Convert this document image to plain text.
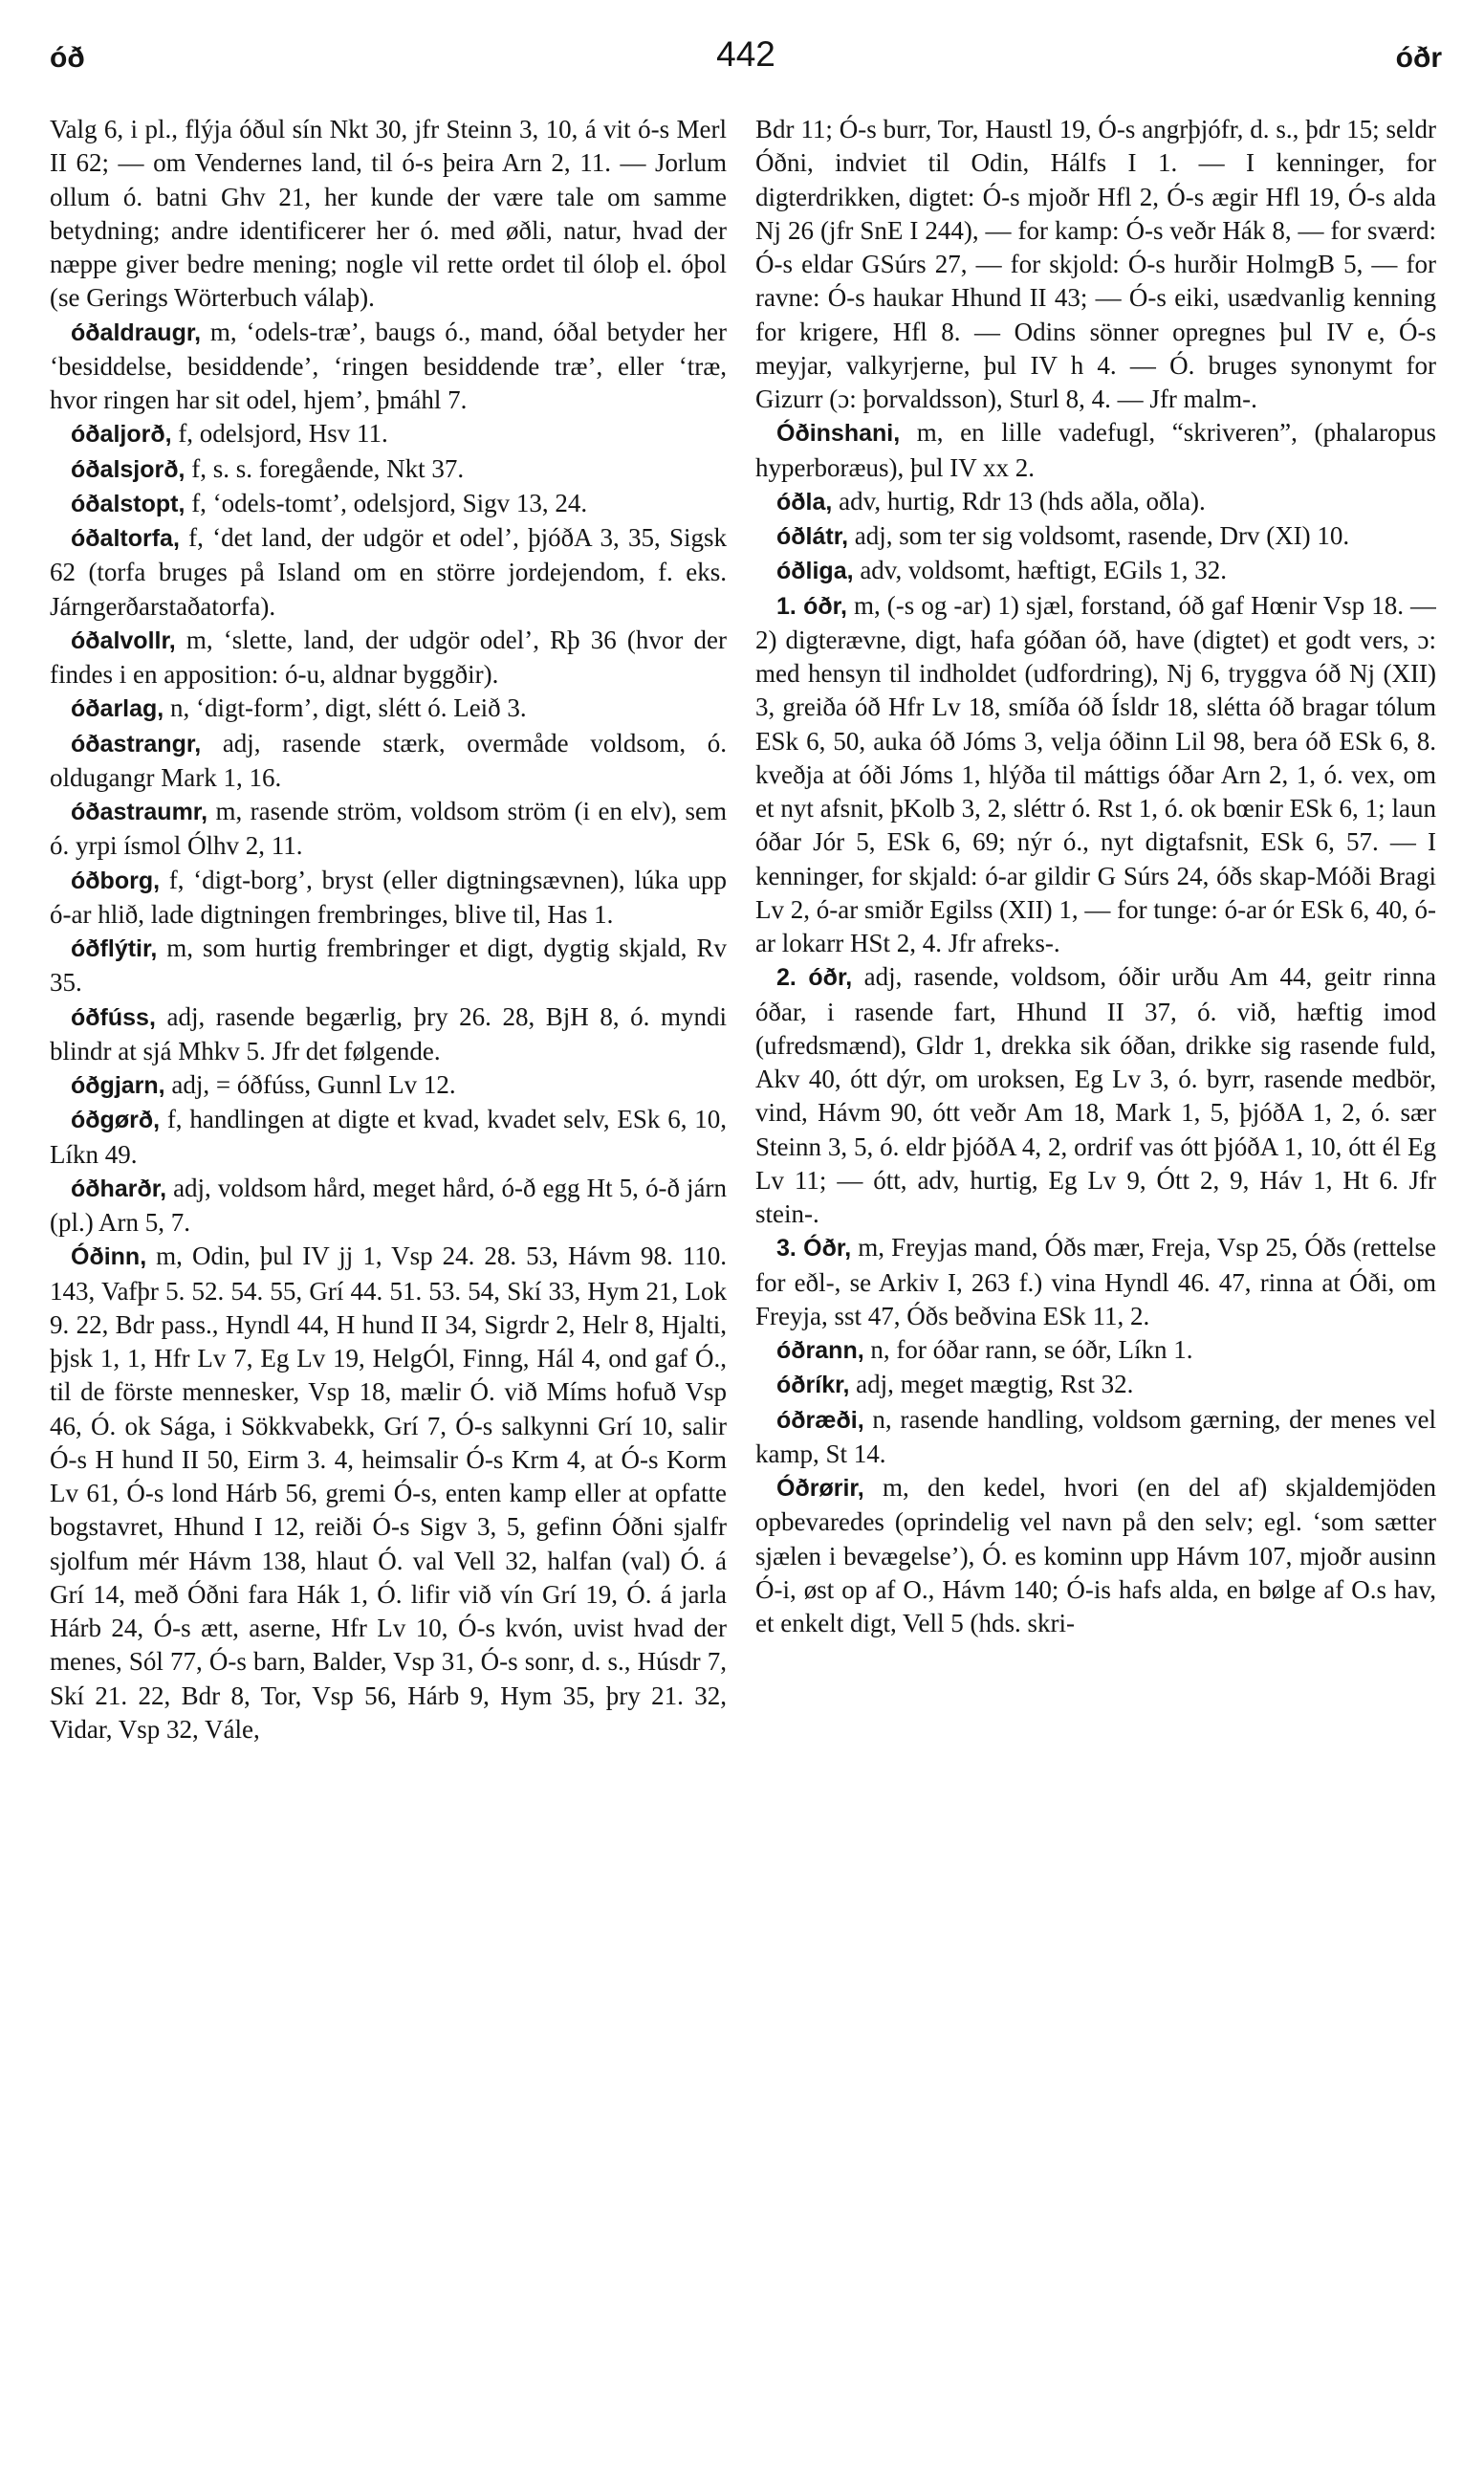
óð	442	óðr

Valg 6, i pl., flýja óðul sín Nkt 30, jfr Steinn 3, 10, á vit ó-s Merl II 62; — om Vendernes land, til ó-s þeira Arn 2, 11. — Jorlum ollum ó. batni Ghv 21, her kunde der være tale om samme betydning; andre identificerer her ó. med øðli, natur, hvad der næppe giver bedre mening; nogle vil rette ordet til óloþ el. óþol (se Gerings Wörterbuch válaþ).

óðaldraugr, m, ‘odels-træ’, baugs ó., mand, óðal betyder her ‘besiddelse, besiddende’, ‘ringen besiddende træ’, eller ‘træ, hvor ringen har sit odel, hjem’, þmáhl 7.

óðaljorð, f, odelsjord, Hsv 11.

óðalsjorð, f, s. s. foregående, Nkt 37.

óðalstopt, f, ‘odels-tomt’, odelsjord, Sigv 13, 24.

óðaltorfa, f, ‘det land, der udgör et odel’, þjóðA 3, 35, Sigsk 62 (torfa bruges på Island om en större jordejendom, f. eks. Járngerðarstaðatorfa).

óðalvollr, m, ‘slette, land, der udgör odel’, Rþ 36 (hvor der findes i en apposition: ó-u, aldnar byggðir).

óðarlag, n, ‘digt-form’, digt, slétt ó. Leið 3.

óðastrangr, adj, rasende stærk, overmåde voldsom, ó. oldugangr Mark 1, 16.

óðastraumr, m, rasende ström, voldsom ström (i en elv), sem ó. yrpi ísmol Ólhv 2, 11.

óðborg, f, ‘digt-borg’, bryst (eller digtningsævnen), lúka upp ó-ar hlið, lade digtningen frembringes, blive til, Has 1.

óðflýtir, m, som hurtig frembringer et digt, dygtig skjald, Rv 35.

óðfúss, adj, rasende begærlig, þry 26. 28, BjH 8, ó. myndi blindr at sjá Mhkv 5. Jfr det følgende.

óðgjarn, adj, = óðfúss, Gunnl Lv 12.

óðgørð, f, handlingen at digte et kvad, kvadet selv, ESk 6, 10, Líkn 49.

óðharðr, adj, voldsom hård, meget hård, ó-ð egg Ht 5, ó-ð járn (pl.) Arn 5, 7.

Óðinn, m, Odin, þul IV jj 1, Vsp 24. 28. 53, Hávm 98. 110. 143, Vafþr 5. 52. 54. 55, Grí 44. 51. 53. 54, Skí 33, Hym 21, Lok 9. 22, Bdr pass., Hyndl 44, H hund II 34, Sigrdr 2, Helr 8, Hjalti, þjsk 1, 1, Hfr Lv 7, Eg Lv 19, HelgÓl, Finng, Hál 4, ond gaf Ó., til de förste mennesker, Vsp 18, mælir Ó. við Míms hofuð Vsp 46, Ó. ok Sága, i Sökkvabekk, Grí 7, Ó-s salkynni Grí 10, salir Ó-s H hund II 50, Eirm 3. 4, heimsalir Ó-s Krm 4, at Ó-s Korm Lv 61, Ó-s lond Hárb 56, gremi Ó-s, enten kamp eller at opfatte bogstavret, Hhund I 12, reiði Ó-s Sigv 3, 5, gefinn Óðni sjalfr sjolfum mér Hávm 138, hlaut Ó. val Vell 32, halfan (val) Ó. á Grí 14, með Óðni fara Hák 1, Ó. lifir við vín Grí 19, Ó. á jarla Hárb 24, Ó-s ætt, aserne, Hfr Lv 10, Ó-s kvón, uvist hvad der menes, Sól 77, Ó-s barn, Balder, Vsp 31, Ó-s sonr, d. s., Húsdr 7, Skí 21. 22, Bdr 8, Tor, Vsp 56, Hárb 9, Hym 35, þry 21. 32, Vidar, Vsp 32, Vále,

Bdr 11; Ó-s burr, Tor, Haustl 19, Ó-s angrþjófr, d. s., þdr 15; seldr Óðni, indviet til Odin, Hálfs I 1. — I kenninger, for digterdrikken, digtet: Ó-s mjoðr Hfl 2, Ó-s ægir Hfl 19, Ó-s alda Nj 26 (jfr SnE I 244), — for kamp: Ó-s veðr Hák 8, — for sværd: Ó-s eldar GSúrs 27, — for skjold: Ó-s hurðir HolmgB 5, — for ravne: Ó-s haukar Hhund II 43; — Ó-s eiki, usædvanlig kenning for krigere, Hfl 8. — Odins sönner opregnes þul IV e, Ó-s meyjar, valkyrjerne, þul IV h 4. — Ó. bruges synonymt for Gizurr (ɔ: þorvaldsson), Sturl 8, 4. — Jfr malm-.

Óðinshani, m, en lille vadefugl, “skriveren”, (phalaropus hyperboræus), þul IV xx 2.

óðla, adv, hurtig, Rdr 13 (hds aðla, oðla).

óðlátr, adj, som ter sig voldsomt, rasende, Drv (XI) 10.

óðliga, adv, voldsomt, hæftigt, EGils 1, 32.

1. óðr, m, (-s og -ar) 1) sjæl, forstand, óð gaf Hœnir Vsp 18. — 2) digterævne, digt, hafa góðan óð, have (digtet) et godt vers, ɔ: med hensyn til indholdet (udfordring), Nj 6, tryggva óð Nj (XII) 3, greiða óð Hfr Lv 18, smíða óð Ísldr 18, slétta óð bragar tólum ESk 6, 50, auka óð Jóms 3, velja óðinn Lil 98, bera óð ESk 6, 8. kveðja at óði Jóms 1, hlýða til máttigs óðar Arn 2, 1, ó. vex, om et nyt afsnit, þKolb 3, 2, sléttr ó. Rst 1, ó. ok bœnir ESk 6, 1; laun óðar Jór 5, ESk 6, 69; nýr ó., nyt digtafsnit, ESk 6, 57. — I kenninger, for skjald: ó-ar gildir G Súrs 24, óðs skap-Móði Bragi Lv 2, ó-ar smiðr Egilss (XII) 1, — for tunge: ó-ar ór ESk 6, 40, ó-ar lokarr HSt 2, 4. Jfr afreks-.

2. óðr, adj, rasende, voldsom, óðir urðu Am 44, geitr rinna óðar, i rasende fart, Hhund II 37, ó. við, hæftig imod (ufredsmænd), Gldr 1, drekka sik óðan, drikke sig rasende fuld, Akv 40, ótt dýr, om uroksen, Eg Lv 3, ó. byrr, rasende medbör, vind, Hávm 90, ótt veðr Am 18, Mark 1, 5, þjóðA 1, 2, ó. sær Steinn 3, 5, ó. eldr þjóðA 4, 2, ordrif vas ótt þjóðA 1, 10, ótt él Eg Lv 11; — ótt, adv, hurtig, Eg Lv 9, Ótt 2, 9, Háv 1, Ht 6. Jfr stein-.

3. Óðr, m, Freyjas mand, Óðs mær, Freja, Vsp 25, Óðs (rettelse for eðl-, se Arkiv I, 263 f.) vina Hyndl 46. 47, rinna at Óði, om Freyja, sst 47, Óðs beðvina ESk 11, 2.

óðrann, n, for óðar rann, se óðr, Líkn 1.

óðríkr, adj, meget mægtig, Rst 32.

óðræði, n, rasende handling, voldsom gærning, der menes vel kamp, St 14.

Óðrørir, m, den kedel, hvori (en del af) skjaldemjöden opbevaredes (oprindelig vel navn på den selv; egl. ‘som sætter sjælen i bevægelse’), Ó. es kominn upp Hávm 107, mjoðr ausinn Ó-i, øst op af O., Hávm 140; Ó-is hafs alda, en bølge af O.s hav, et enkelt digt, Vell 5 (hds. skri-
